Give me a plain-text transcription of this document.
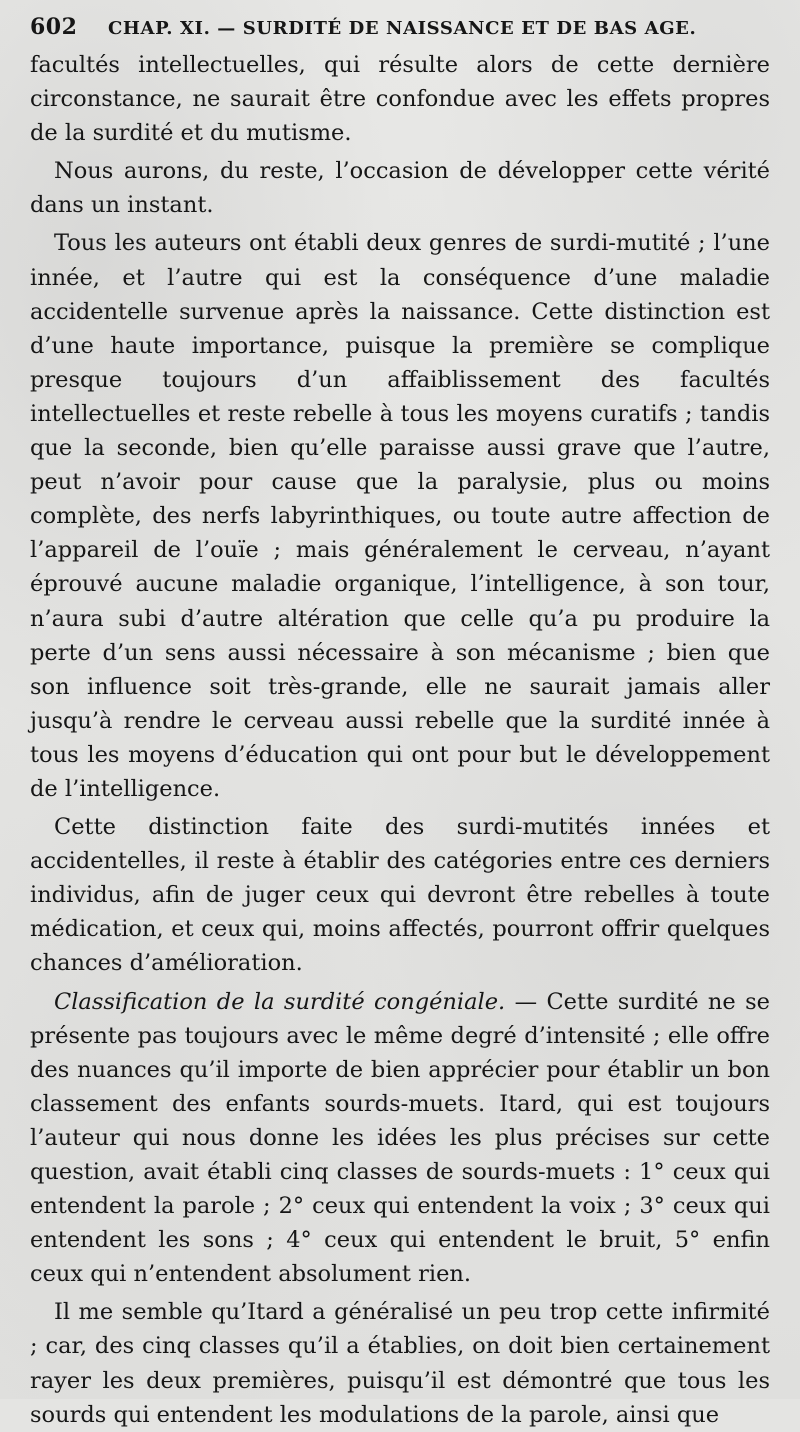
602	CHAP. XI. — SURDITÉ DE NAISSANCE ET DE BAS AGE.

facultés intellectuelles, qui résulte alors de cette dernière circonstance, ne saurait être confondue avec les effets propres de la surdité et du mutisme.

Nous aurons, du reste, l’occasion de développer cette vérité dans un instant.

Tous les auteurs ont établi deux genres de surdi-mutité ; l’une innée, et l’autre qui est la conséquence d’une maladie accidentelle survenue après la naissance. Cette distinction est d’une haute importance, puisque la première se complique presque toujours d’un affaiblissement des facultés intellectuelles et reste rebelle à tous les moyens curatifs ; tandis que la seconde, bien qu’elle paraisse aussi grave que l’autre, peut n’avoir pour cause que la paralysie, plus ou moins complète, des nerfs labyrinthiques, ou toute autre affection de l’appareil de l’ouïe ; mais généralement le cerveau, n’ayant éprouvé aucune maladie organique, l’intelligence, à son tour, n’aura subi d’autre altération que celle qu’a pu produire la perte d’un sens aussi nécessaire à son mécanisme ; bien que son influence soit très-grande, elle ne saurait jamais aller jusqu’à rendre le cerveau aussi rebelle que la surdité innée à tous les moyens d’éducation qui ont pour but le développement de l’intelligence.

Cette distinction faite des surdi-mutités innées et accidentelles, il reste à établir des catégories entre ces derniers individus, afin de juger ceux qui devront être rebelles à toute médication, et ceux qui, moins affectés, pourront offrir quelques chances d’amélioration.

Classification de la surdité congéniale. — Cette surdité ne se présente pas toujours avec le même degré d’intensité ; elle offre des nuances qu’il importe de bien apprécier pour établir un bon classement des enfants sourds-muets. Itard, qui est toujours l’auteur qui nous donne les idées les plus précises sur cette question, avait établi cinq classes de sourds-muets : 1° ceux qui entendent la parole ; 2° ceux qui entendent la voix ; 3° ceux qui entendent les sons ; 4° ceux qui entendent le bruit, 5° enfin ceux qui n’entendent absolument rien.

Il me semble qu’Itard a généralisé un peu trop cette infirmité ; car, des cinq classes qu’il a établies, on doit bien certainement rayer les deux premières, puisqu’il est démontré que tous les sourds qui entendent les modulations de la parole, ainsi que
